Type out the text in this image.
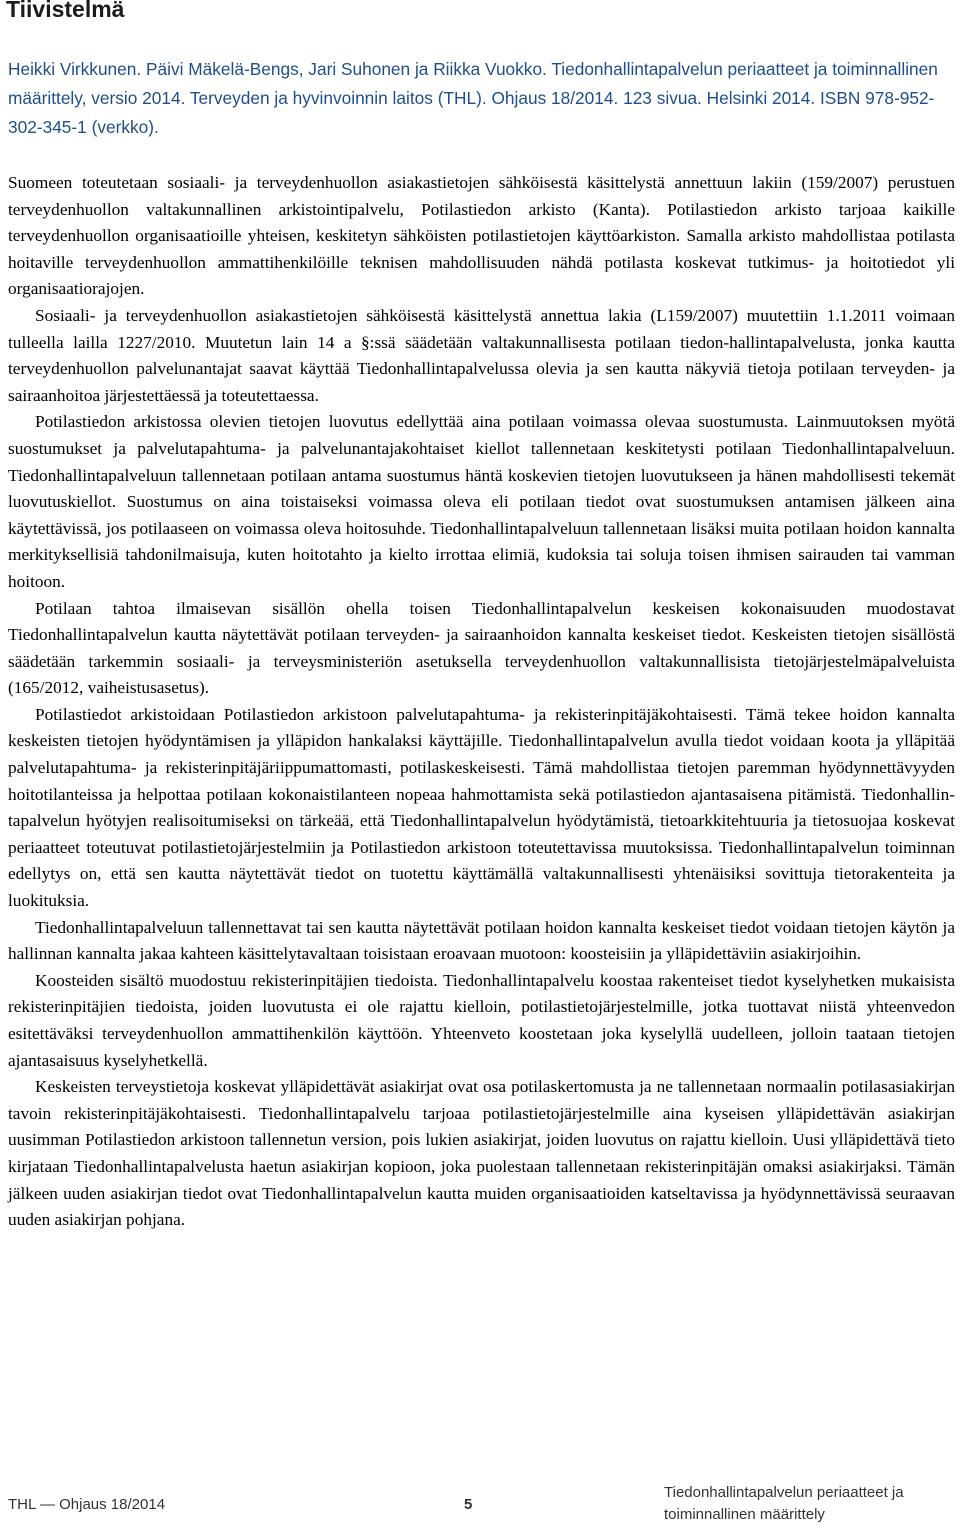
Tiivistelmä

Heikki Virkkunen. Päivi Mäkelä-Bengs, Jari Suhonen ja Riikka Vuokko. Tiedonhallintapalvelun periaatteet ja toiminnallinen määrittely, versio 2014. Terveyden ja hyvinvoinnin laitos (THL). Ohjaus 18/2014. 123 sivua. Helsinki 2014. ISBN 978-952-302-345-1 (verkko).

Suomeen toteutetaan sosiaali- ja terveydenhuollon asiakastietojen sähköisestä käsittelystä annettuun lakiin (159/2007) perustuen terveydenhuollon valtakunnallinen arkistointipalvelu, Potilastiedon arkisto (Kanta). Potilastiedon arkisto tarjoaa kaikille terveydenhuollon organisaatioille yhteisen, keskitetyn sähköisten potilastietojen käyttöarkiston. Samalla arkisto mahdollistaa potilasta hoitaville terveydenhuollon ammattihenkilöille teknisen mahdollisuuden nähdä potilasta koskevat tutkimus- ja hoitotiedot yli organisaatiorajojen.

Sosiaali- ja terveydenhuollon asiakastietojen sähköisestä käsittelystä annettua lakia (L159/2007) muutettiin 1.1.2011 voimaan tulleella lailla 1227/2010. Muutetun lain 14 a §:ssä säädetään valtakunnallisesta potilaan tiedon-hallintapalvelusta, jonka kautta terveydenhuollon palvelunantajat saavat käyttää Tiedonhallintapalvelussa olevia ja sen kautta näkyviä tietoja potilaan terveyden- ja sairaanhoitoa järjestettäessä ja toteutettaessa.

Potilastiedon arkistossa olevien tietojen luovutus edellyttää aina potilaan voimassa olevaa suostumusta. Lainmuutoksen myötä suostumukset ja palvelutapahtuma- ja palvelunantajakohtaiset kiellot tallennetaan keskitetysti potilaan Tiedonhallintapalveluun. Tiedonhallintapalveluun tallennetaan potilaan antama suostumus häntä koskevien tietojen luovutukseen ja hänen mahdollisesti tekemät luovutuskiellot. Suostumus on aina toistaiseksi voimassa oleva eli potilaan tiedot ovat suostumuksen antamisen jälkeen aina käytettävissä, jos potilaaseen on voimassa oleva hoitosuhde. Tiedonhallintapalveluun tallennetaan lisäksi muita potilaan hoidon kannalta merkityksellisiä tahdonilmaisuja, kuten hoitotahto ja kielto irrottaa elimiä, kudoksia tai soluja toisen ihmisen sairauden tai vamman hoitoon.

Potilaan tahtoa ilmaisevan sisällön ohella toisen Tiedonhallintapalvelun keskeisen kokonaisuuden muodostavat Tiedonhallintapalvelun kautta näytettävät potilaan terveyden- ja sairaanhoidon kannalta keskeiset tiedot. Keskeisten tietojen sisällöstä säädetään tarkemmin sosiaali- ja terveysministeriön asetuksella terveydenhuollon valtakunnallisista tietojärjestelmäpalveluista (165/2012, vaiheistusasetus).

Potilastiedot arkistoidaan Potilastiedon arkistoon palvelutapahtuma- ja rekisterinpitäjäkohtaisesti. Tämä tekee hoidon kannalta keskeisten tietojen hyödyntämisen ja ylläpidon hankalaksi käyttäjille. Tiedonhallintapalvelun avulla tiedot voidaan koota ja ylläpitää palvelutapahtuma- ja rekisterinpitäjäriippumattomasti, potilaskeskeisesti. Tämä mahdollistaa tietojen paremman hyödynnettävyyden hoitotilanteissa ja helpottaa potilaan kokonaistilanteen nopeaa hahmottamista sekä potilastiedon ajantasaisena pitämistä. Tiedonhallintapalvelun hyötyjen realisoitumiseksi on tärkeää, että Tiedonhallintapalvelun hyödytämistä, tietoarkkitehtuuria ja tietosuojaa koskevat periaatteet toteutuvat potilastietojärjestelmiin ja Potilastiedon arkistoon toteutettavissa muutoksissa. Tiedonhallintapalvelun toiminnan edellytys on, että sen kautta näytettävät tiedot on tuotettu käyttämällä valtakunnallisesti yhtenäisiksi sovittuja tietorakenteita ja luokituksia.

Tiedonhallintapalveluun tallennettavat tai sen kautta näytettävät potilaan hoidon kannalta keskeiset tiedot voidaan tietojen käytön ja hallinnan kannalta jakaa kahteen käsittelytavaltaan toisistaan eroavaan muotoon: koosteisiin ja ylläpidettäviin asiakirjoihin.

Koosteiden sisältö muodostuu rekisterinpitäjien tiedoista. Tiedonhallintapalvelu koostaa rakenteiset tiedot kyselyhetken mukaisista rekisterinpitäjien tiedoista, joiden luovutusta ei ole rajattu kielloin, potilastietojärjestelmille, jotka tuottavat niistä yhteenvedon esitettäväksi terveydenhuollon ammattihenkilön käyttöön. Yhteenveto koostetaan joka kyselyllä uudelleen, jolloin taataan tietojen ajantasaisuus kyselyhetkellä.

Keskeisten terveystietoja koskevat ylläpidettävät asiakirjat ovat osa potilaskertomusta ja ne tallennetaan normaalin potilasasiakirjan tavoin rekisterinpitäjäkohtaisesti. Tiedonhallintapalvelu tarjoaa potilastietojärjestelmille aina kyseisen ylläpidettävän asiakirjan uusimman Potilastiedon arkistoon tallennetun version, pois lukien asiakirjat, joiden luovutus on rajattu kielloin. Uusi ylläpidettävä tieto kirjataan Tiedonhallintapalvelusta haetun asiakirjan kopioon, joka puolestaan tallennetaan rekisterinpitäjän omaksi asiakirjaksi. Tämän jälkeen uuden asiakirjan tiedot ovat Tiedonhallintapalvelun kautta muiden organisaatioiden katseltavissa ja hyödynnettävissä seuraavan uuden asiakirjan pohjana.

THL — Ohjaus 18/2014	5
Tiedonhallintapalvelun periaatteet ja
toiminnallinen määrittely
